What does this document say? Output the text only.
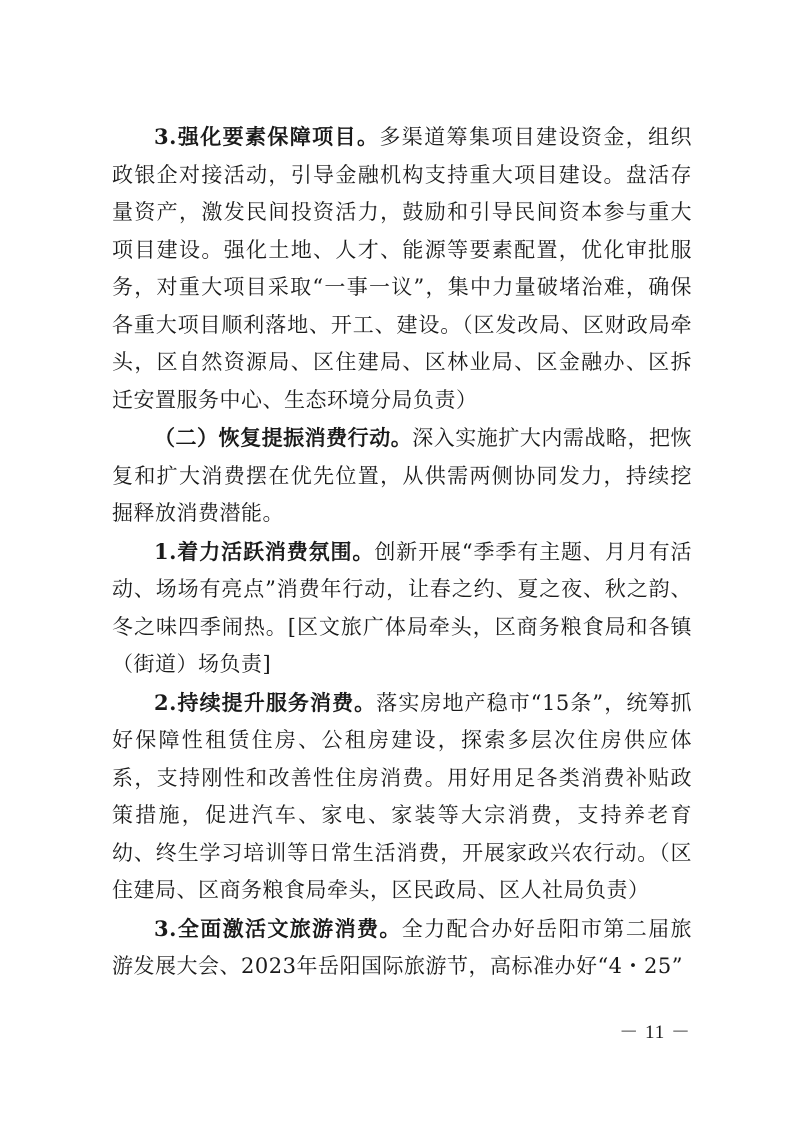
3.强化要素保障项目。多渠道筹集项目建设资金，组织政银企对接活动，引导金融机构支持重大项目建设。盘活存量资产，激发民间投资活力，鼓励和引导民间资本参与重大项目建设。强化土地、人才、能源等要素配置，优化审批服务，对重大项目采取“一事一议”，集中力量破堵治难，确保各重大项目顺利落地、开工、建设。（区发改局、区财政局牵头，区自然资源局、区住建局、区林业局、区金融办、区拆迁安置服务中心、生态环境分局负责）

（二）恢复提振消费行动。深入实施扩大内需战略，把恢复和扩大消费摆在优先位置，从供需两侧协同发力，持续挖掘释放消费潜能。

1.着力活跃消费氛围。创新开展“季季有主题、月月有活动、场场有亮点”消费年行动，让春之约、夏之夜、秋之韵、冬之味四季闹热。[区文旅广体局牵头，区商务粮食局和各镇（街道）场负责]

2.持续提升服务消费。落实房地产稳市“15条”，统筹抓好保障性租赁住房、公租房建设，探索多层次住房供应体系，支持刚性和改善性住房消费。用好用足各类消费补贴政策措施，促进汽车、家电、家装等大宗消费，支持养老育幼、终生学习培训等日常生活消费，开展家政兴农行动。（区住建局、区商务粮食局牵头，区民政局、区人社局负责）

3.全面激活文旅游消费。全力配合办好岳阳市第二届旅游发展大会、2023年岳阳国际旅游节，高标准办好“4・25”

－ 11 －
